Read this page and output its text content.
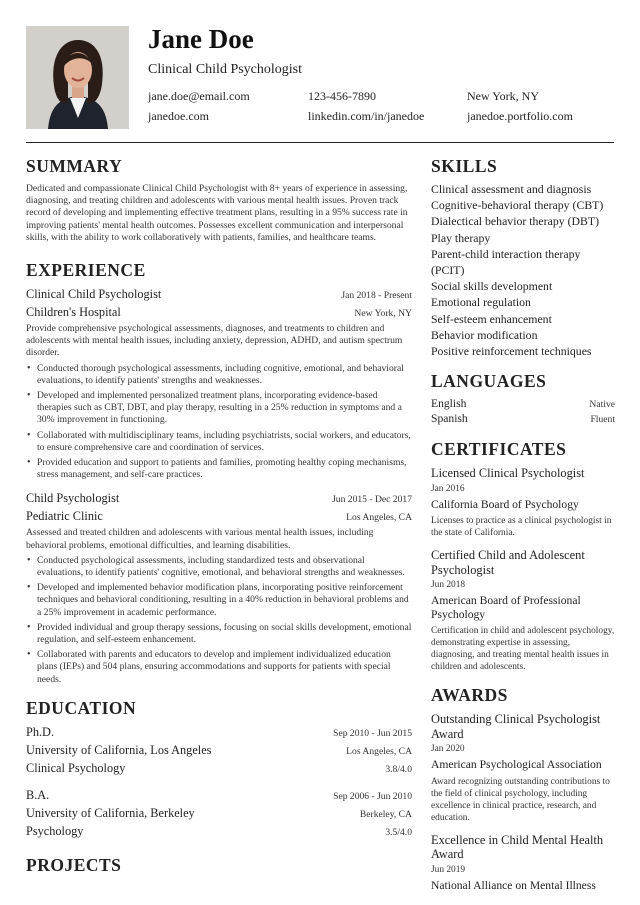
Jane Doe
Clinical Child Psychologist
jane.doe@email.com	123-456-7890	New York, NY
janedoe.com	linkedin.com/in/janedoe	janedoe.portfolio.com
SUMMARY

Dedicated and compassionate Clinical Child Psychologist with 8+ years of experience in assessing, diagnosing, and treating children and adolescents with various mental health issues. Proven track record of developing and implementing effective treatment plans, resulting in a 95% success rate in improving patients' mental health outcomes. Possesses excellent communication and interpersonal skills, with the ability to work collaboratively with patients, families, and healthcare teams.

EXPERIENCE
Clinical Child Psychologist	Jan 2018 - Present
Children's Hospital	New York, NY

Provide comprehensive psychological assessments, diagnoses, and treatments to children and adolescents with mental health issues, including anxiety, depression, ADHD, and autism spectrum disorder.

• Conducted thorough psychological assessments, including cognitive, emotional, and behavioral evaluations, to identify patients' strengths and weaknesses.
• Developed and implemented personalized treatment plans, incorporating evidence-based therapies such as CBT, DBT, and play therapy, resulting in a 25% reduction in symptoms and a 30% improvement in functioning.
• Collaborated with multidisciplinary teams, including psychiatrists, social workers, and educators, to ensure comprehensive care and coordination of services.
• Provided education and support to patients and families, promoting healthy coping mechanisms, stress management, and self-care practices.
Child Psychologist	Jun 2015 - Dec 2017
Pediatric Clinic	Los Angeles, CA

Assessed and treated children and adolescents with various mental health issues, including behavioral problems, emotional difficulties, and learning disabilities.

• Conducted psychological assessments, including standardized tests and observational evaluations, to identify patients' cognitive, emotional, and behavioral strengths and weaknesses.
• Developed and implemented behavior modification plans, incorporating positive reinforcement techniques and behavioral conditioning, resulting in a 40% reduction in behavioral problems and a 25% improvement in academic performance.
• Provided individual and group therapy sessions, focusing on social skills development, emotional regulation, and self-esteem enhancement.
• Collaborated with parents and educators to develop and implement individualized education plans (IEPs) and 504 plans, ensuring accommodations and supports for patients with special needs.
EDUCATION
Ph.D.	Sep 2010 - Jun 2015
University of California, Los Angeles	Los Angeles, CA
Clinical Psychology	3.8/4.0
B.A.	Sep 2006 - Jun 2010
University of California, Berkeley	Berkeley, CA
Psychology	3.5/4.0
PROJECTS
SKILLS
Clinical assessment and diagnosis
Cognitive-behavioral therapy (CBT)
Dialectical behavior therapy (DBT)
Play therapy
Parent-child interaction therapy (PCIT)
Social skills development
Emotional regulation
Self-esteem enhancement
Behavior modification
Positive reinforcement techniques
LANGUAGES
English	Native
Spanish	Fluent
CERTIFICATES
Licensed Clinical Psychologist
Jan 2016
California Board of Psychology
Licenses to practice as a clinical psychologist in the state of California.
Certified Child and Adolescent Psychologist
Jun 2018
American Board of Professional Psychology
Certification in child and adolescent psychology, demonstrating expertise in assessing, diagnosing, and treating mental health issues in children and adolescents.
AWARDS
Outstanding Clinical Psychologist Award
Jan 2020
American Psychological Association
Award recognizing outstanding contributions to the field of clinical psychology, including excellence in clinical practice, research, and education.
Excellence in Child Mental Health Award
Jun 2019
National Alliance on Mental Illness
